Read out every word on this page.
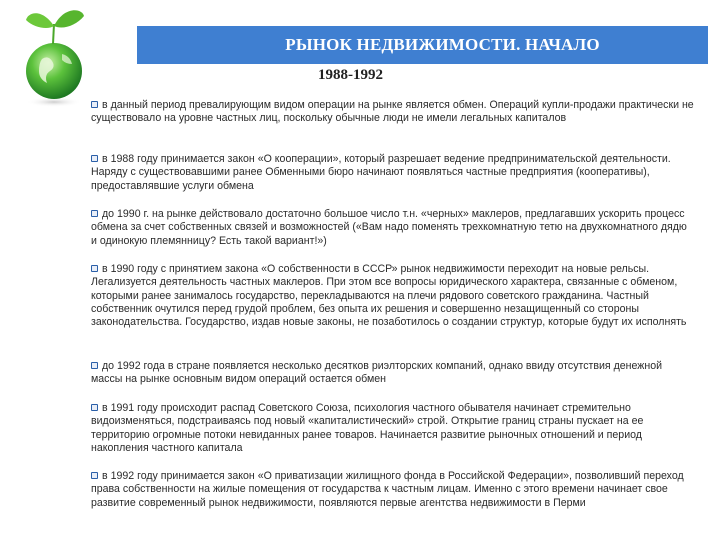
РЫНОК НЕДВИЖИМОСТИ. НАЧАЛО
1988-1992

в данный период превалирующим видом операции на рынке является обмен. Операций купли-продажи практически не существовало на уровне частных лиц, поскольку обычные люди не имели легальных капиталов

в 1988 году принимается закон «О кооперации», который разрешает ведение предпринимательской деятельности. Наряду с существовавшими ранее Обменными бюро начинают появляться частные предприятия (кооперативы), предоставлявшие услуги обмена

до 1990 г. на рынке действовало достаточно большое число т.н. «черных» маклеров, предлагавших ускорить процесс обмена за счет собственных связей и возможностей («Вам надо поменять трехкомнатную тетю на двухкомнатного дядю и одинокую племянницу? Есть такой вариант!»)

в 1990 году с принятием закона «О собственности в СССР» рынок недвижимости переходит на новые рельсы. Легализуется деятельность частных маклеров. При этом все вопросы юридического характера, связанные с обменом, которыми ранее занималось государство, перекладываются на плечи рядового советского гражданина. Частный собственник очутился перед грудой проблем, без опыта их решения и совершенно незащищенный со стороны законодательства. Государство, издав новые законы, не позаботилось о создании структур, которые будут их исполнять

до 1992 года в стране появляется несколько десятков риэлторских компаний, однако ввиду отсутствия денежной массы на рынке основным видом операций остается обмен

в 1991 году происходит распад Советского Союза, психология частного обывателя начинает стремительно видоизменяться, подстраиваясь под новый «капиталистический» строй. Открытие границ страны пускает на ее территорию огромные потоки невиданных ранее товаров. Начинается развитие рыночных отношений и период накопления частного капитала

в 1992 году принимается закон «О приватизации жилищного фонда в Российской Федерации», позволивший переход права собственности на жилые помещения от государства к частным лицам. Именно с этого времени начинает свое развитие современный рынок недвижимости, появляются первые агентства недвижимости в Перми
